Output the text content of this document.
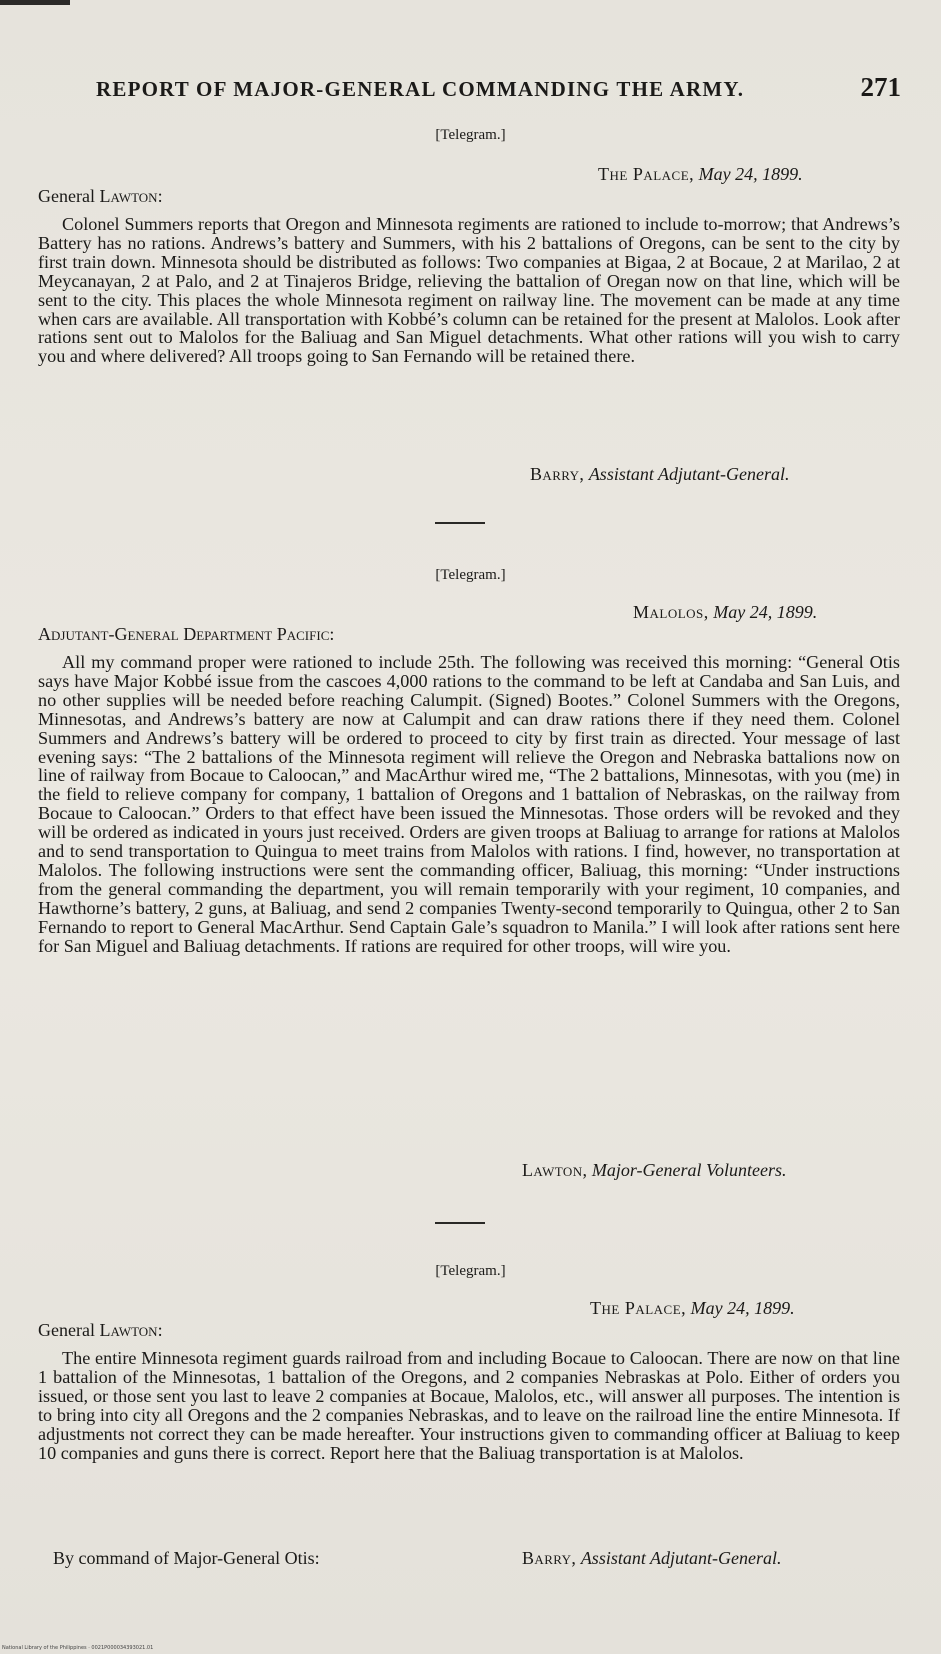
REPORT OF MAJOR-GENERAL COMMANDING THE ARMY.	271
[Telegram.]
The Palace, May 24, 1899.
General Lawton:

Colonel Summers reports that Oregon and Minnesota regiments are rationed to include to-morrow; that Andrews’s Battery has no rations. Andrews’s battery and Summers, with his 2 battalions of Oregons, can be sent to the city by first train down. Minnesota should be distributed as follows: Two companies at Bigaa, 2 at Bocaue, 2 at Marilao, 2 at Meycanayan, 2 at Palo, and 2 at Tinajeros Bridge, relieving the battalion of Oregan now on that line, which will be sent to the city. This places the whole Minnesota regiment on railway line. The movement can be made at any time when cars are available. All transportation with Kobbé’s column can be retained for the present at Malolos. Look after rations sent out to Malolos for the Baliuag and San Miguel detachments. What other rations will you wish to carry you and where delivered? All troops going to San Fernando will be retained there.

Barry, Assistant Adjutant-General.
[Telegram.]
Malolos, May 24, 1899.
Adjutant-General Department Pacific:

All my command proper were rationed to include 25th. The following was received this morning: “General Otis says have Major Kobbé issue from the cascoes 4,000 rations to the command to be left at Candaba and San Luis, and no other supplies will be needed before reaching Calumpit. (Signed) Bootes.” Colonel Summers with the Oregons, Minnesotas, and Andrews’s battery are now at Calumpit and can draw rations there if they need them. Colonel Summers and Andrews’s battery will be ordered to proceed to city by first train as directed. Your message of last evening says: “The 2 battalions of the Minnesota regiment will relieve the Oregon and Nebraska battalions now on line of railway from Bocaue to Caloocan,” and MacArthur wired me, “The 2 battalions, Minnesotas, with you (me) in the field to relieve company for company, 1 battalion of Oregons and 1 battalion of Nebraskas, on the railway from Bocaue to Caloocan.” Orders to that effect have been issued the Minnesotas. Those orders will be revoked and they will be ordered as indicated in yours just received. Orders are given troops at Baliuag to arrange for rations at Malolos and to send transportation to Quingua to meet trains from Malolos with rations. I find, however, no transportation at Malolos. The following instructions were sent the commanding officer, Baliuag, this morning: “Under instructions from the general commanding the department, you will remain temporarily with your regiment, 10 companies, and Hawthorne’s battery, 2 guns, at Baliuag, and send 2 companies Twenty-second temporarily to Quingua, other 2 to San Fernando to report to General MacArthur. Send Captain Gale’s squadron to Manila.” I will look after rations sent here for San Miguel and Baliuag detachments. If rations are required for other troops, will wire you.

Lawton, Major-General Volunteers.
[Telegram.]
The Palace, May 24, 1899.
General Lawton:

The entire Minnesota regiment guards railroad from and including Bocaue to Caloocan. There are now on that line 1 battalion of the Minnesotas, 1 battalion of the Oregons, and 2 companies Nebraskas at Polo. Either of orders you issued, or those sent you last to leave 2 companies at Bocaue, Malolos, etc., will answer all purposes. The intention is to bring into city all Oregons and the 2 companies Nebraskas, and to leave on the railroad line the entire Minnesota. If adjustments not correct they can be made hereafter. Your instructions given to commanding officer at Baliuag to keep 10 companies and guns there is correct. Report here that the Baliuag transportation is at Malolos.

By command of Major-General Otis:	Barry, Assistant Adjutant-General.
National Library of the Philippines · 0021P000034393021.01
